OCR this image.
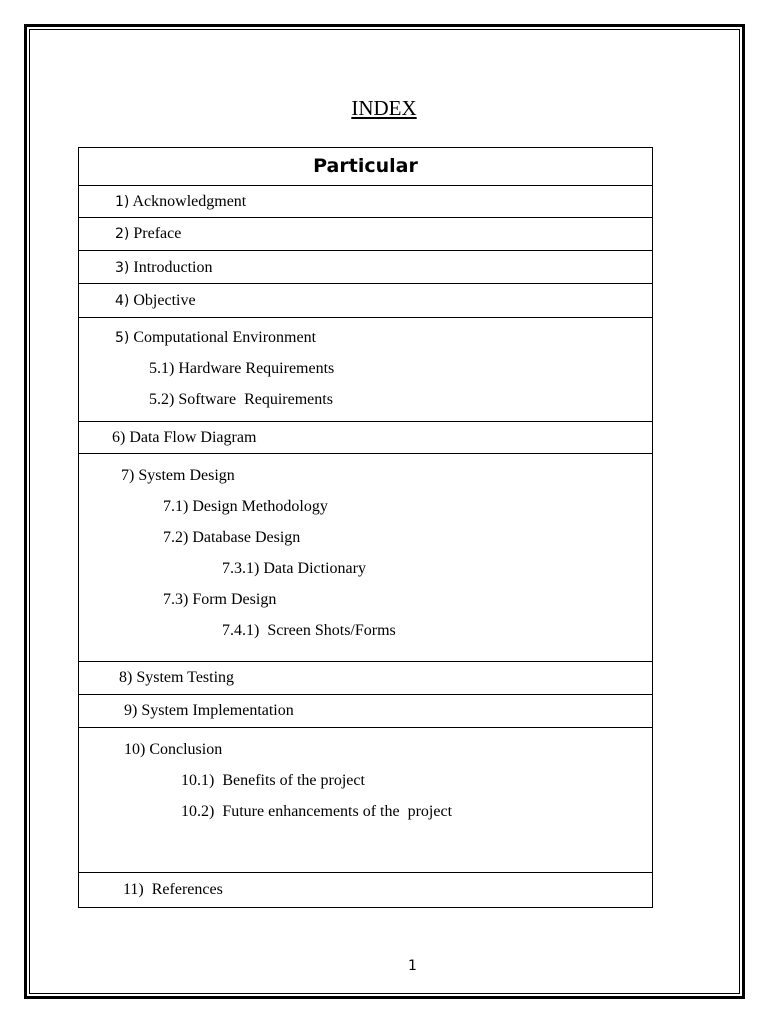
INDEX
Particular

1) Acknowledgment

2) Preface

3) Introduction

4) Objective

5) Computational Environment
5.1) Hardware Requirements
5.2) Software  Requirements

6) Data Flow Diagram

7) System Design
7.1) Design Methodology
7.2) Database Design
7.3.1) Data Dictionary
7.3) Form Design
7.4.1)  Screen Shots/Forms

8) System Testing

9) System Implementation

10) Conclusion
10.1)  Benefits of the project
10.2)  Future enhancements of the  project

11)  References
1
